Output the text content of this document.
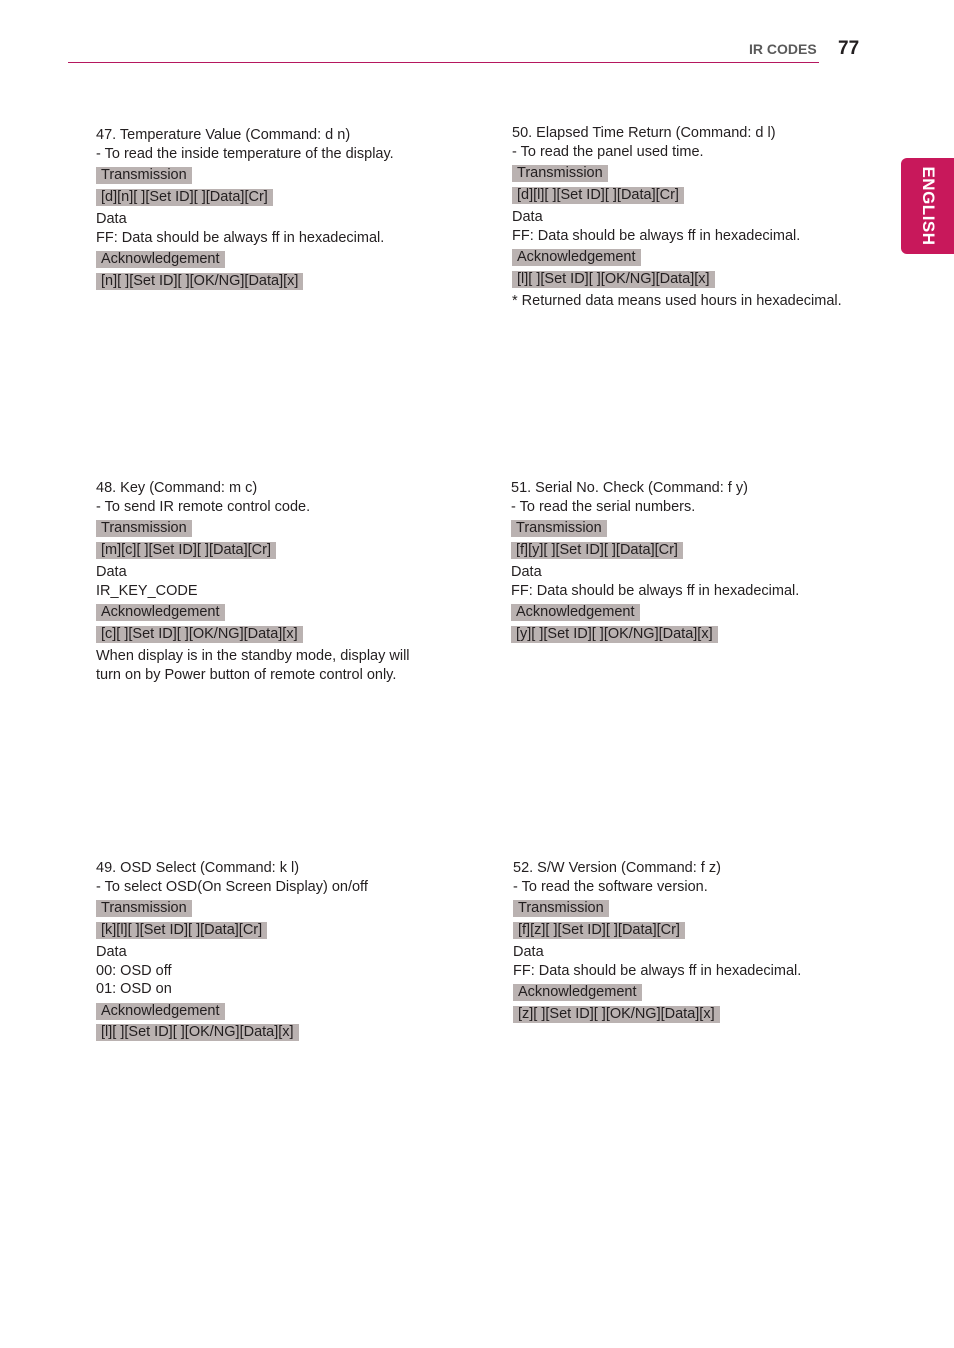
IR CODES 77
ENGLISH
47. Temperature Value (Command: d n)
- To read the inside temperature of the display.
Transmission
[d][n][ ][Set ID][ ][Data][Cr]
Data
FF: Data should be always ff in hexadecimal.
Acknowledgement
[n][ ][Set ID][ ][OK/NG][Data][x]
48. Key (Command: m c)
- To send IR remote control code.
Transmission
[m][c][ ][Set ID][ ][Data][Cr]
Data
IR_KEY_CODE
Acknowledgement
[c][ ][Set ID][ ][OK/NG][Data][x]
When display is in the standby mode, display will
turn on by Power button of remote control only.
49. OSD Select (Command: k l)
- To select OSD(On Screen Display) on/off
Transmission
[k][l][ ][Set ID][ ][Data][Cr]
Data
00: OSD off
01: OSD on
Acknowledgement
[l][ ][Set ID][ ][OK/NG][Data][x]
50. Elapsed Time Return (Command: d l)
- To read the panel used time.
Transmission
[d][l][ ][Set ID][ ][Data][Cr]
Data
FF: Data should be always ff in hexadecimal.
Acknowledgement
[l][ ][Set ID][ ][OK/NG][Data][x]
* Returned data means used hours in hexadecimal.
51. Serial No. Check (Command: f y)
- To read the serial numbers.
Transmission
[f][y][ ][Set ID][ ][Data][Cr]
Data
FF: Data should be always ff in hexadecimal.
Acknowledgement
[y][ ][Set ID][ ][OK/NG][Data][x]
52. S/W Version (Command: f z)
- To read the software version.
Transmission
[f][z][ ][Set ID][ ][Data][Cr]
Data
FF: Data should be always ff in hexadecimal.
Acknowledgement
[z][ ][Set ID][ ][OK/NG][Data][x]
